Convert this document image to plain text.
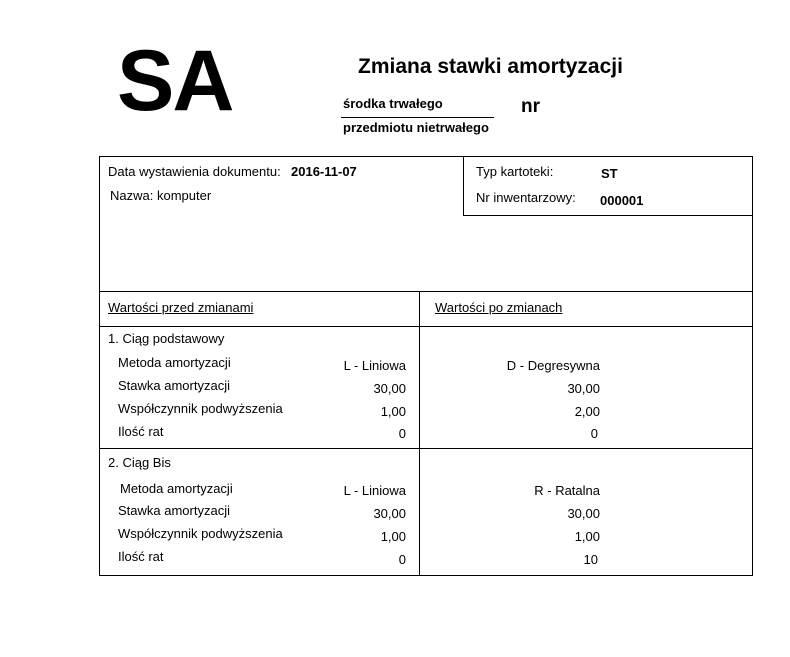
SA	Zmiana stawki amortyzacji
środka trwałego
przedmiotu nietrwałego
nr
Data wystawienia dokumentu: 2016-11-07
Nazwa: komputer
Typ kartoteki:	ST
Nr inwentarzowy: 000001
Wartości przed zmianami	Wartości po zmianach
1. Ciąg podstawowy
Metoda amortyzacji	L - Liniowa	D - Degresywna
Stawka amortyzacji	30,00	30,00
Współczynnik podwyższenia	1,00	2,00
Ilość rat	0	0
2. Ciąg Bis
Metoda amortyzacji	L - Liniowa	R - Ratalna
Stawka amortyzacji	30,00	30,00
Współczynnik podwyższenia	1,00	1,00
Ilość rat	0	10
